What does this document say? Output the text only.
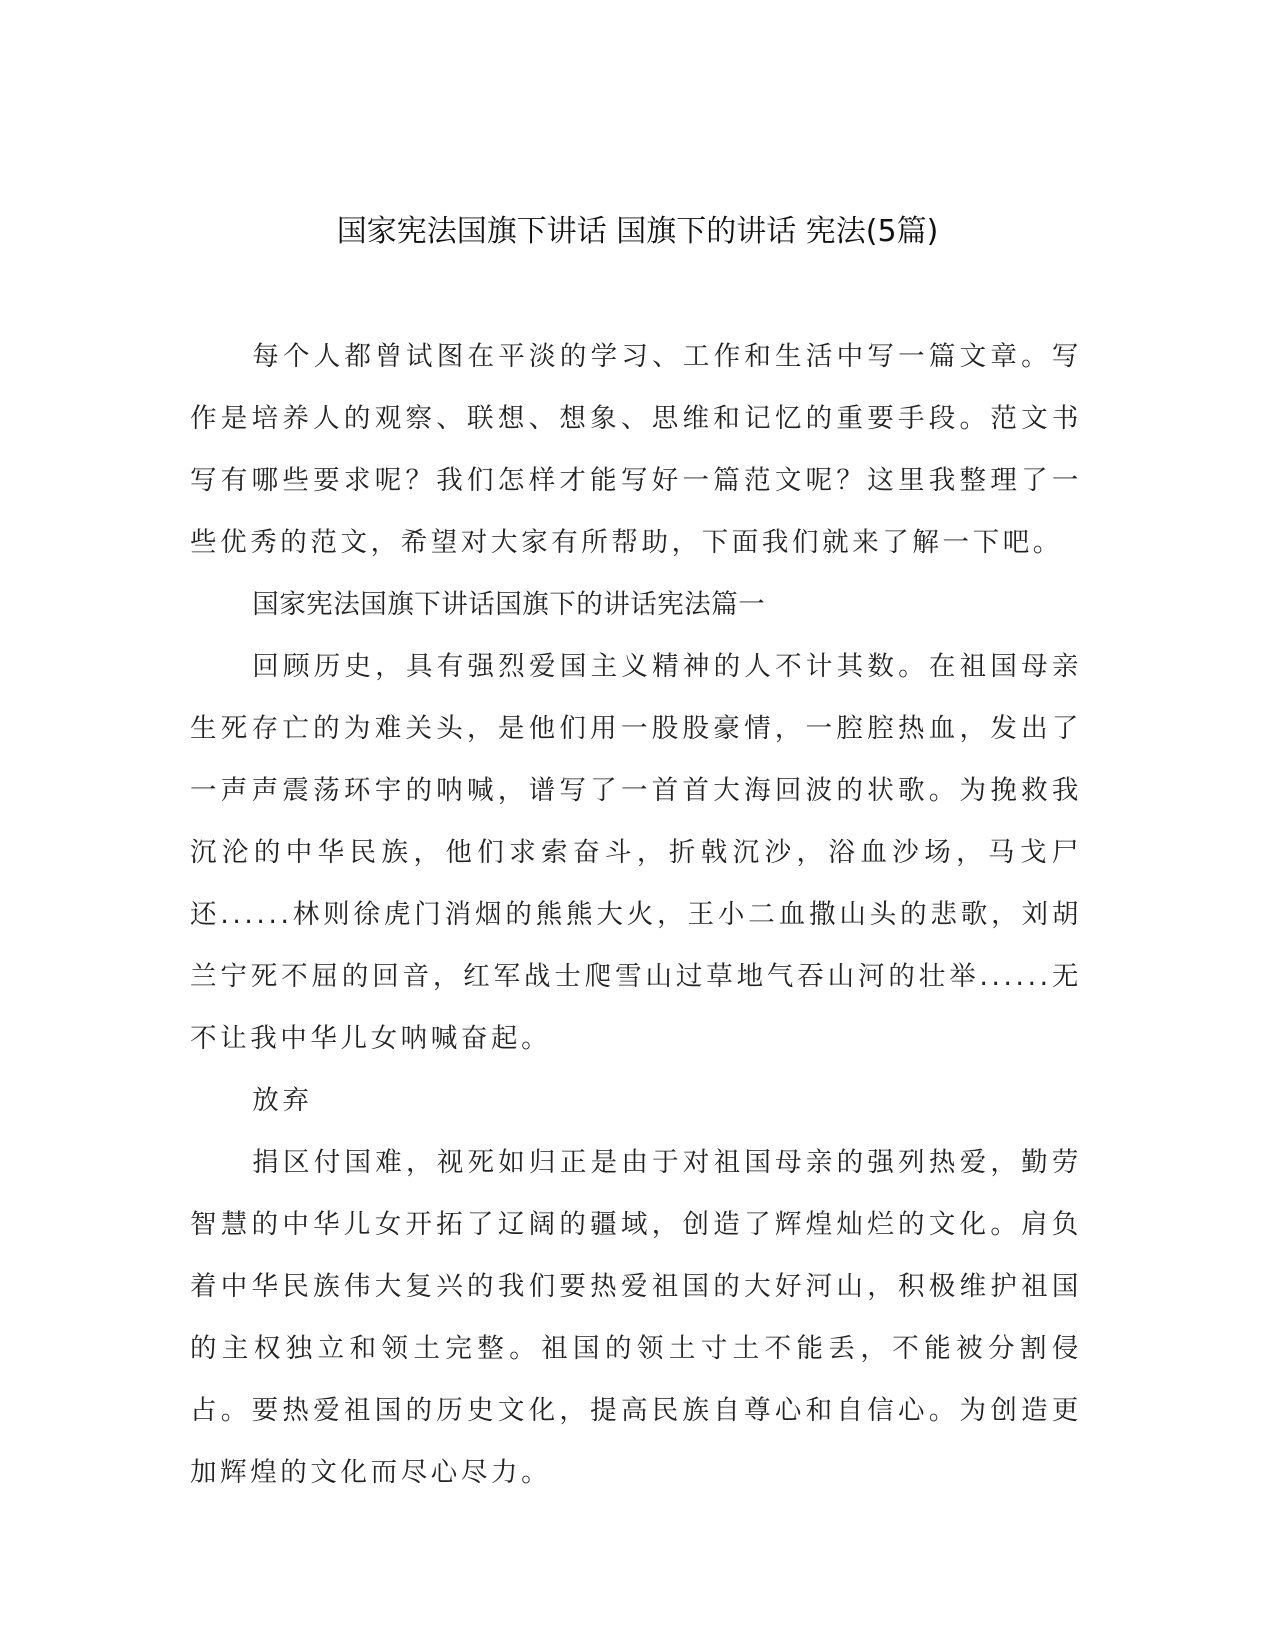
国家宪法国旗下讲话 国旗下的讲话 宪法(5篇)

每个人都曾试图在平淡的学习、工作和生活中写一篇文章。写作是培养人的观察、联想、想象、思维和记忆的重要手段。范文书写有哪些要求呢？我们怎样才能写好一篇范文呢？这里我整理了一些优秀的范文，希望对大家有所帮助，下面我们就来了解一下吧。

国家宪法国旗下讲话国旗下的讲话宪法篇一

回顾历史，具有强烈爱国主义精神的人不计其数。在祖国母亲生死存亡的为难关头，是他们用一股股豪情，一腔腔热血，发出了一声声震荡环宇的呐喊，谱写了一首首大海回波的状歌。为挽救我沉沦的中华民族，他们求索奋斗，折戟沉沙，浴血沙场，马戈尸还......林则徐虎门消烟的熊熊大火，王小二血撒山头的悲歌，刘胡兰宁死不屈的回音，红军战士爬雪山过草地气吞山河的壮举......无不让我中华儿女呐喊奋起。

放弃

捐区付国难，视死如归正是由于对祖国母亲的强列热爱，勤劳智慧的中华儿女开拓了辽阔的疆域，创造了辉煌灿烂的文化。肩负着中华民族伟大复兴的我们要热爱祖国的大好河山，积极维护祖国的主权独立和领土完整。祖国的领土寸土不能丢，不能被分割侵占。要热爱祖国的历史文化，提高民族自尊心和自信心。为创造更加辉煌的文化而尽心尽力。
